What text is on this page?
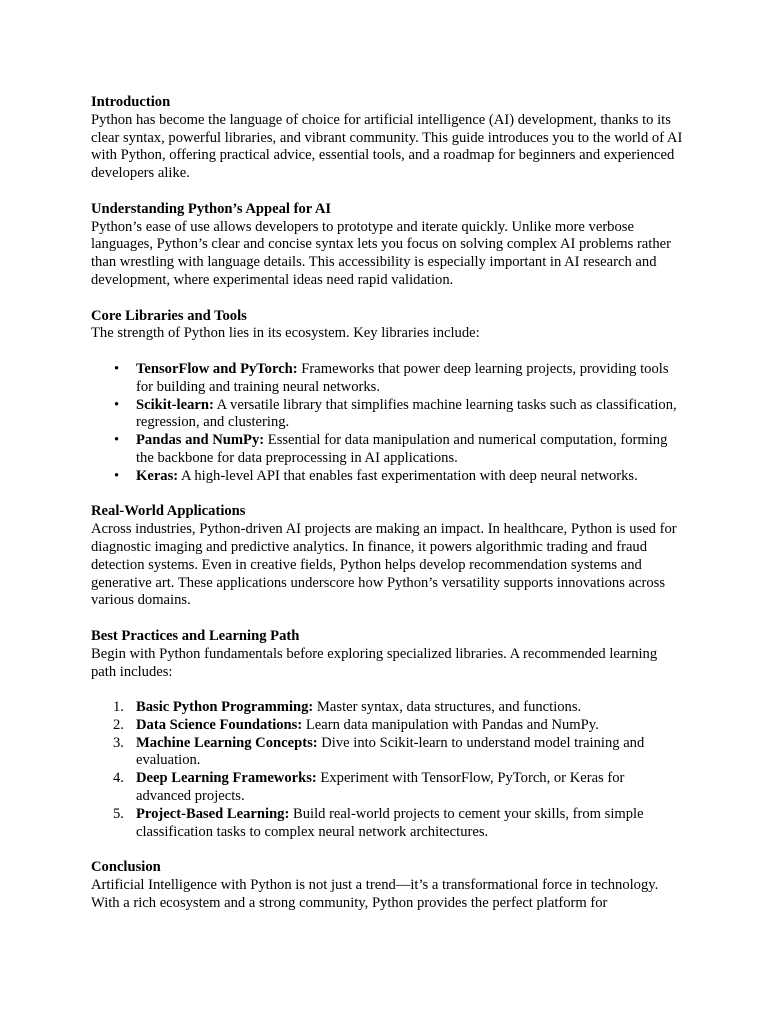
Introduction

Python has become the language of choice for artificial intelligence (AI) development, thanks to its clear syntax, powerful libraries, and vibrant community. This guide introduces you to the world of AI with Python, offering practical advice, essential tools, and a roadmap for beginners and experienced developers alike.

Understanding Python’s Appeal for AI

Python’s ease of use allows developers to prototype and iterate quickly. Unlike more verbose languages, Python’s clear and concise syntax lets you focus on solving complex AI problems rather than wrestling with language details. This accessibility is especially important in AI research and development, where experimental ideas need rapid validation.

Core Libraries and Tools

The strength of Python lies in its ecosystem. Key libraries include:

• TensorFlow and PyTorch: Frameworks that power deep learning projects, providing tools for building and training neural networks.
• Scikit-learn: A versatile library that simplifies machine learning tasks such as classification, regression, and clustering.
• Pandas and NumPy: Essential for data manipulation and numerical computation, forming the backbone for data preprocessing in AI applications.
• Keras: A high-level API that enables fast experimentation with deep neural networks.

Real-World Applications

Across industries, Python-driven AI projects are making an impact. In healthcare, Python is used for diagnostic imaging and predictive analytics. In finance, it powers algorithmic trading and fraud detection systems. Even in creative fields, Python helps develop recommendation systems and generative art. These applications underscore how Python’s versatility supports innovations across various domains.

Best Practices and Learning Path

Begin with Python fundamentals before exploring specialized libraries. A recommended learning path includes:

1. Basic Python Programming: Master syntax, data structures, and functions.
2. Data Science Foundations: Learn data manipulation with Pandas and NumPy.
3. Machine Learning Concepts: Dive into Scikit-learn to understand model training and evaluation.
4. Deep Learning Frameworks: Experiment with TensorFlow, PyTorch, or Keras for advanced projects.
5. Project-Based Learning: Build real-world projects to cement your skills, from simple classification tasks to complex neural network architectures.

Conclusion

Artificial Intelligence with Python is not just a trend—it’s a transformational force in technology. With a rich ecosystem and a strong community, Python provides the perfect platform for
